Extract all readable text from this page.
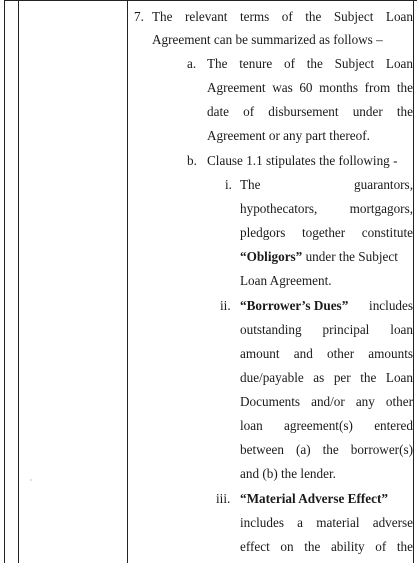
7. The relevant terms of the Subject Loan
Agreement can be summarized as follows –
a. The tenure of the Subject Loan
Agreement was 60 months from the
date of disbursement under the
Agreement or any part thereof.
b. Clause 1.1 stipulates the following -
i. The guarantors,
hypothecators, mortgagors,
pledgors together constitute
“Obligors” under the Subject
Loan Agreement.
ii. “Borrower’s Dues” includes
outstanding principal loan
amount and other amounts
due/payable as per the Loan
Documents and/or any other
loan agreement(s) entered
between (a) the borrower(s)
and (b) the lender.
iii. “Material Adverse Effect”
includes a material adverse
effect on the ability of the
